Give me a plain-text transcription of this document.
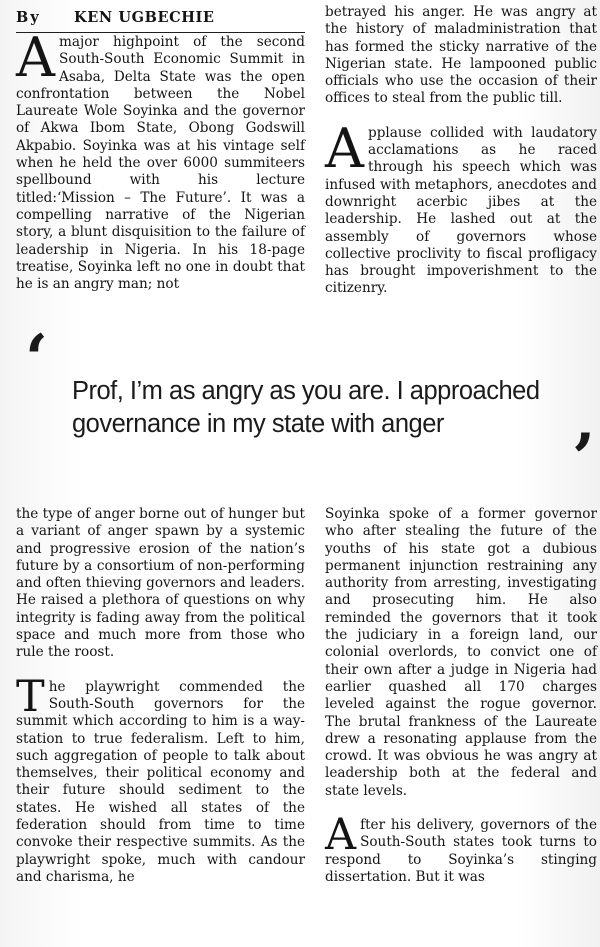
By KEN UGBECHIE

Amajor highpoint of the second South-South Economic Summit in Asaba, Delta State was the open confrontation between the Nobel Laureate Wole Soyinka and the governor of Akwa Ibom State, Obong Godswill Akpabio. Soyinka was at his vintage self when he held the over 6000 summiteers spellbound with his lecture titled:‘Mission – The Future’. It was a compelling narrative of the Nigerian story, a blunt disquisition to the failure of leadership in Nigeria. In his 18-page treatise, Soyinka left no one in doubt that he is an angry man; not

betrayed his anger. He was angry at the history of maladministration that has formed the sticky narrative of the Nigerian state. He lampooned public officials who use the occasion of their offices to steal from the public till.

Applause collided with laudatory acclamations as he raced through his speech which was infused with metaphors, anecdotes and downright acerbic jibes at the leadership. He lashed out at the assembly of governors whose collective proclivity to fiscal profligacy has brought impoverishment to the citizenry.

‘ Prof, I’m as angry as you are. I approached governance in my state with anger	’

the type of anger borne out of hunger but a variant of anger spawn by a systemic and progressive erosion of the nation’s future by a consortium of non-performing and often thieving governors and leaders. He raised a plethora of questions on why integrity is fading away from the political space and much more from those who rule the roost.

The playwright commended the South-South governors for the summit which according to him is a way-station to true federalism. Left to him, such aggregation of people to talk about themselves, their political economy and their future should sediment to the states. He wished all states of the federation should from time to time convoke their respective summits. As the playwright spoke, much with candour and charisma, he

Soyinka spoke of a former governor who after stealing the future of the youths of his state got a dubious permanent injunction restraining any authority from arresting, investigating and prosecuting him. He also reminded the governors that it took the judiciary in a foreign land, our colonial overlords, to convict one of their own after a judge in Nigeria had earlier quashed all 170 charges leveled against the rogue governor. The brutal frankness of the Laureate drew a resonating applause from the crowd. It was obvious he was angry at leadership both at the federal and state levels.

After his delivery, governors of the South-South states took turns to respond to Soyinka’s stinging dissertation. But it was
